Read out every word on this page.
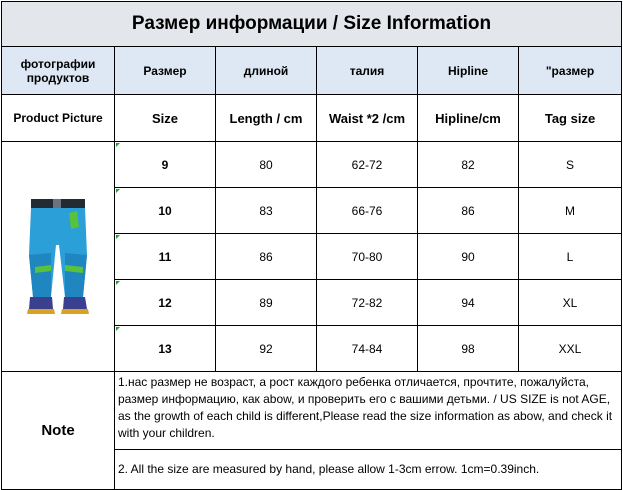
Размер информации / Size Information					
фотографии продуктов	Размер	длиной	талия	Hipline	"размер
Product Picture	Size	Length / cm	Waist *2 /cm	Hipline/cm	Tag size

9	80	62-72	82	S

10	83	66-76	86	M

11	86	70-80	90	L

12	89	72-82	94	XL

13	92	74-84	98	XXL
Note	1.нас размер не возраст, а рост каждого ребенка отличается, прочтите, пожалуйста, размер информацию, как abow, и проверить его с вашими детьми. / US SIZE is not AGE, as the growth of each child is different,Please read the size information as abow, and check it with your children.				
	2. All the size are measured by hand, please allow 1-3cm errow. 1cm=0.39inch.				
